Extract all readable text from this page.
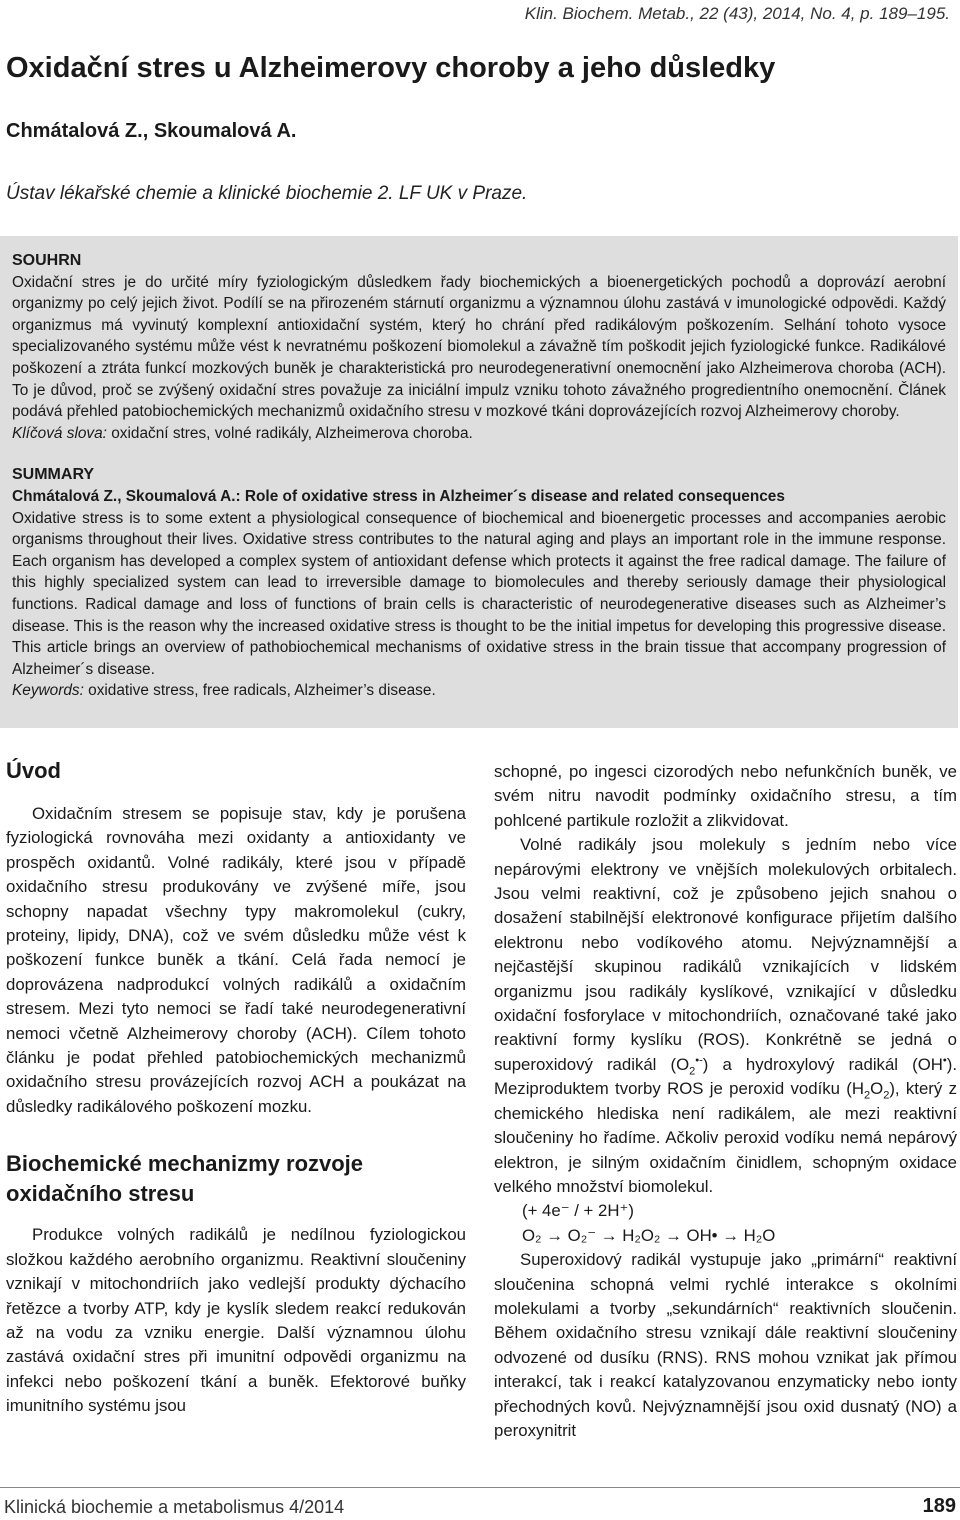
Klin. Biochem. Metab., 22 (43), 2014, No. 4, p. 189–195.
Oxidační stres u Alzheimerovy choroby a jeho důsledky
Chmátalová Z., Skoumalová A.
Ústav lékařské chemie a klinické biochemie 2. LF UK v Praze.
SOUHRN
Oxidační stres je do určité míry fyziologickým důsledkem řady biochemických a bioenergetických pochodů a doprovází aerobní organizmy po celý jejich život. Podílí se na přirozeném stárnutí organizmu a významnou úlohu zastává v imunologické odpovědi. Každý organizmus má vyvinutý komplexní antioxidační systém, který ho chrání před radikálovým poškozením. Selhání tohoto vysoce specializovaného systému může vést k nevratnému poškození biomolekul a závažně tím poškodit jejich fyziologické funkce. Radikálové poškození a ztráta funkcí mozkových buněk je charakteristická pro neurodegenerativní onemocnění jako Alzheimerova choroba (ACH). To je důvod, proč se zvýšený oxidační stres považuje za iniciální impulz vzniku tohoto závažného progredientního onemocnění. Článek podává přehled patobiochemických mechanizmů oxidačního stresu v mozkové tkáni doprovázejících rozvoj Alzheimerovy choroby.
Klíčová slova: oxidační stres, volné radikály, Alzheimerova choroba.
SUMMARY
Chmátalová Z., Skoumalová A.: Role of oxidative stress in Alzheimer´s disease and related consequences
Oxidative stress is to some extent a physiological consequence of biochemical and bioenergetic processes and accompanies aerobic organisms throughout their lives. Oxidative stress contributes to the natural aging and plays an important role in the immune response. Each organism has developed a complex system of antioxidant defense which protects it against the free radical damage. The failure of this highly specialized system can lead to irreversible damage to biomolecules and thereby seriously damage their physiological functions. Radical damage and loss of functions of brain cells is characteristic of neurodegenerative diseases such as Alzheimer’s disease. This is the reason why the increased oxidative stress is thought to be the initial impetus for developing this progressive disease. This article brings an overview of pathobiochemical mechanisms of oxidative stress in the brain tissue that accompany progression of Alzheimer´s disease.
Keywords: oxidative stress, free radicals, Alzheimer’s disease.
Úvod

Oxidačním stresem se popisuje stav, kdy je porušena fyziologická rovnováha mezi oxidanty a antioxidanty ve prospěch oxidantů. Volné radikály, které jsou v případě oxidačního stresu produkovány ve zvýšené míře, jsou schopny napadat všechny typy makromolekul (cukry, proteiny, lipidy, DNA), což ve svém důsledku může vést k poškození funkce buněk a tkání. Celá řada nemocí je doprovázena nadprodukcí volných radikálů a oxidačním stresem. Mezi tyto nemoci se řadí také neurodegenerativní nemoci včetně Alzheimerovy choroby (ACH). Cílem tohoto článku je podat přehled patobiochemických mechanizmů oxidačního stresu provázejících rozvoj ACH a poukázat na důsledky radikálového poškození mozku.

Biochemické mechanizmy rozvoje oxidačního stresu

Produkce volných radikálů je nedílnou fyziologickou složkou každého aerobního organizmu. Reaktivní sloučeniny vznikají v mitochondriích jako vedlejší produkty dýchacího řetězce a tvorby ATP, kdy je kyslík sledem reakcí redukován až na vodu za vzniku energie. Další významnou úlohu zastává oxidační stres při imunitní odpovědi organizmu na infekci nebo poškození tkání a buněk. Efektorové buňky imunitního systému jsou

schopné, po ingesci cizorodých nebo nefunkčních buněk, ve svém nitru navodit podmínky oxidačního stresu, a tím pohlcené partikule rozložit a zlikvidovat.

Volné radikály jsou molekuly s jedním nebo více nepárovými elektrony ve vnějších molekulových orbitalech. Jsou velmi reaktivní, což je způsobeno jejich snahou o dosažení stabilnější elektronové konfigurace přijetím dalšího elektronu nebo vodíkového atomu. Nejvýznamnější a nejčastější skupinou radikálů vznikajících v lidském organizmu jsou radikály kyslíkové, vznikající v důsledku oxidační fosforylace v mitochondriích, označované také jako reaktivní formy kyslíku (ROS). Konkrétně se jedná o superoxidový radikál $(O_2^{•-})$ a hydroxylový radikál (OH•). Meziproduktem tvorby ROS je peroxid vodíku $(H_2O_2)$, který z chemického hlediska není radikálem, ale mezi reaktivní sloučeniny ho řadíme. Ačkoliv peroxid vodíku nemá nepárový elektron, je silným oxidačním činidlem, schopným oxidace velkého množství biomolekul.

(+ 4e⁻ / + 2H⁺)
O₂ → O₂⁻ → H₂O₂ → OH• → H₂O

Superoxidový radikál vystupuje jako „primární“ reaktivní sloučenina schopná velmi rychlé interakce s okolními molekulami a tvorby „sekundárních“ reaktivních sloučenin. Během oxidačního stresu vznikají dále reaktivní sloučeniny odvozené od dusíku (RNS). RNS mohou vznikat jak přímou interakcí, tak i reakcí katalyzovanou enzymaticky nebo ionty přechodných kovů. Nejvýznamnější jsou oxid dusnatý (NO) a peroxynitrit

Klinická biochemie a metabolismus 4/2014	189
